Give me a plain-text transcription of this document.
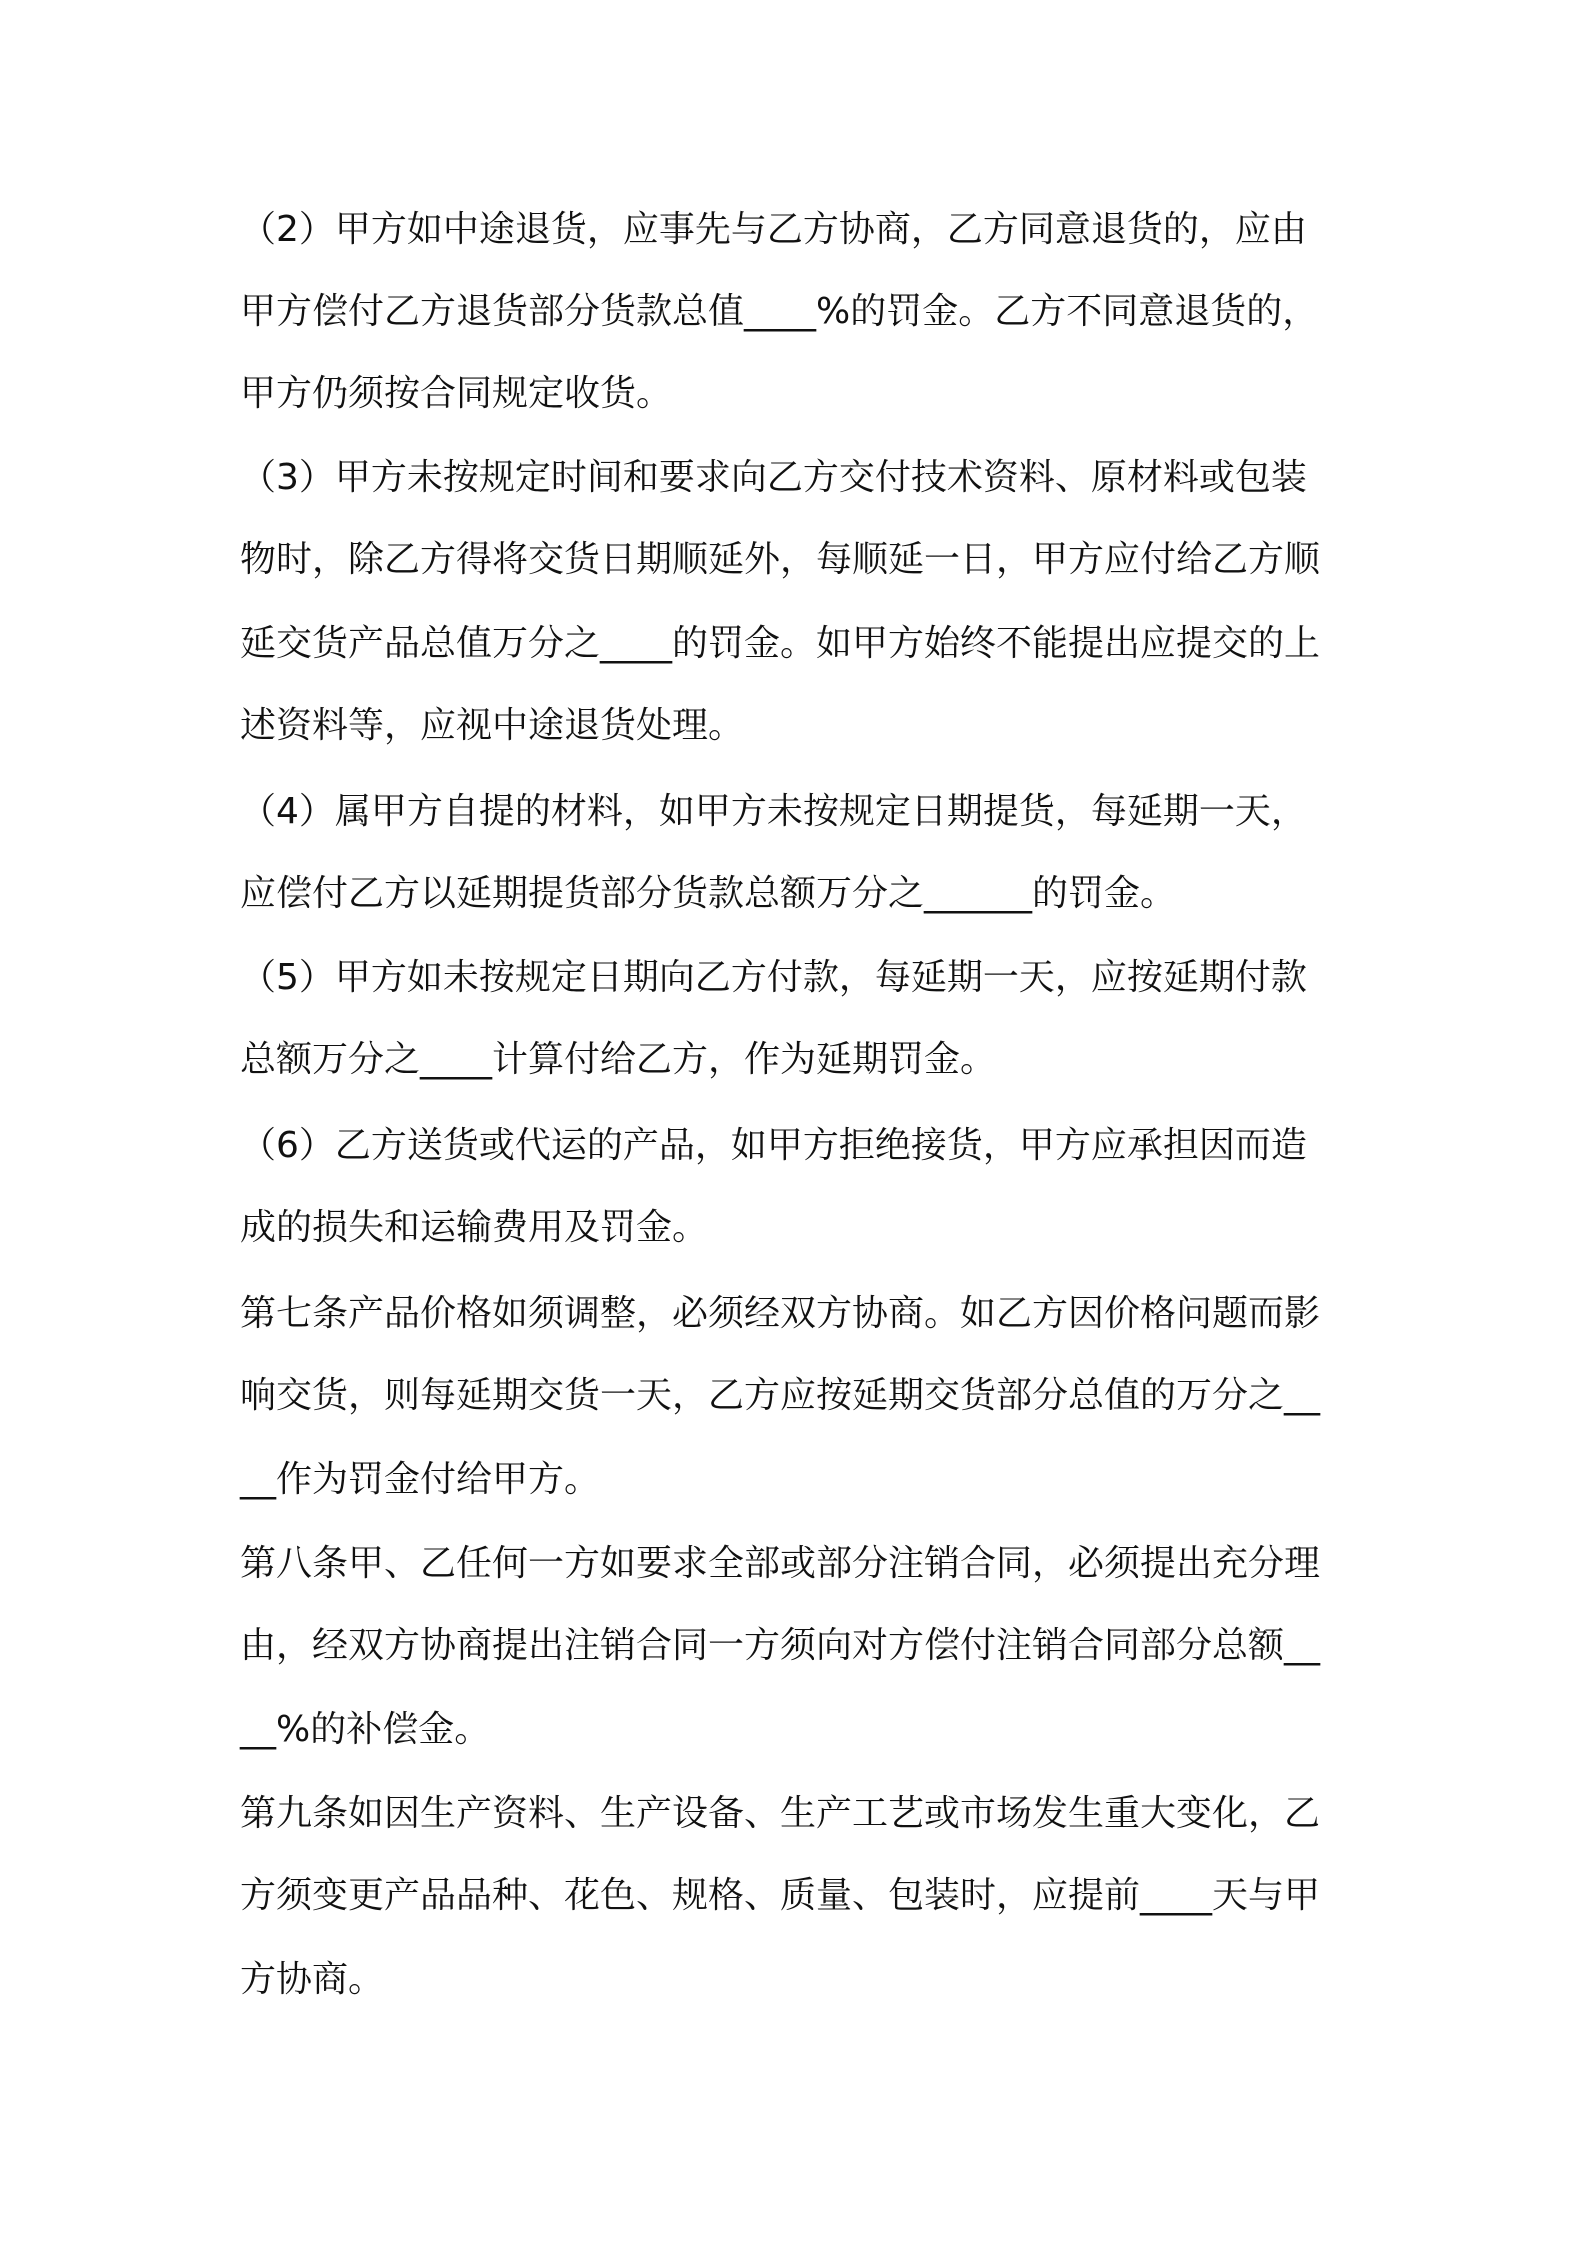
（2）甲方如中途退货，应事先与乙方协商，乙方同意退货的，应由
甲方偿付乙方退货部分货款总值____%的罚金。乙方不同意退货的，
甲方仍须按合同规定收货。
（3）甲方未按规定时间和要求向乙方交付技术资料、原材料或包装
物时，除乙方得将交货日期顺延外，每顺延一日，甲方应付给乙方顺
延交货产品总值万分之____的罚金。如甲方始终不能提出应提交的上
述资料等，应视中途退货处理。
（4）属甲方自提的材料，如甲方未按规定日期提货，每延期一天，
应偿付乙方以延期提货部分货款总额万分之______的罚金。
（5）甲方如未按规定日期向乙方付款，每延期一天，应按延期付款
总额万分之____计算付给乙方，作为延期罚金。
（6）乙方送货或代运的产品，如甲方拒绝接货，甲方应承担因而造
成的损失和运输费用及罚金。
第七条产品价格如须调整，必须经双方协商。如乙方因价格问题而影
响交货，则每延期交货一天，乙方应按延期交货部分总值的万分之__
__作为罚金付给甲方。
第八条甲、乙任何一方如要求全部或部分注销合同，必须提出充分理
由，经双方协商提出注销合同一方须向对方偿付注销合同部分总额__
__%的补偿金。
第九条如因生产资料、生产设备、生产工艺或市场发生重大变化，乙
方须变更产品品种、花色、规格、质量、包装时，应提前____天与甲
方协商。
